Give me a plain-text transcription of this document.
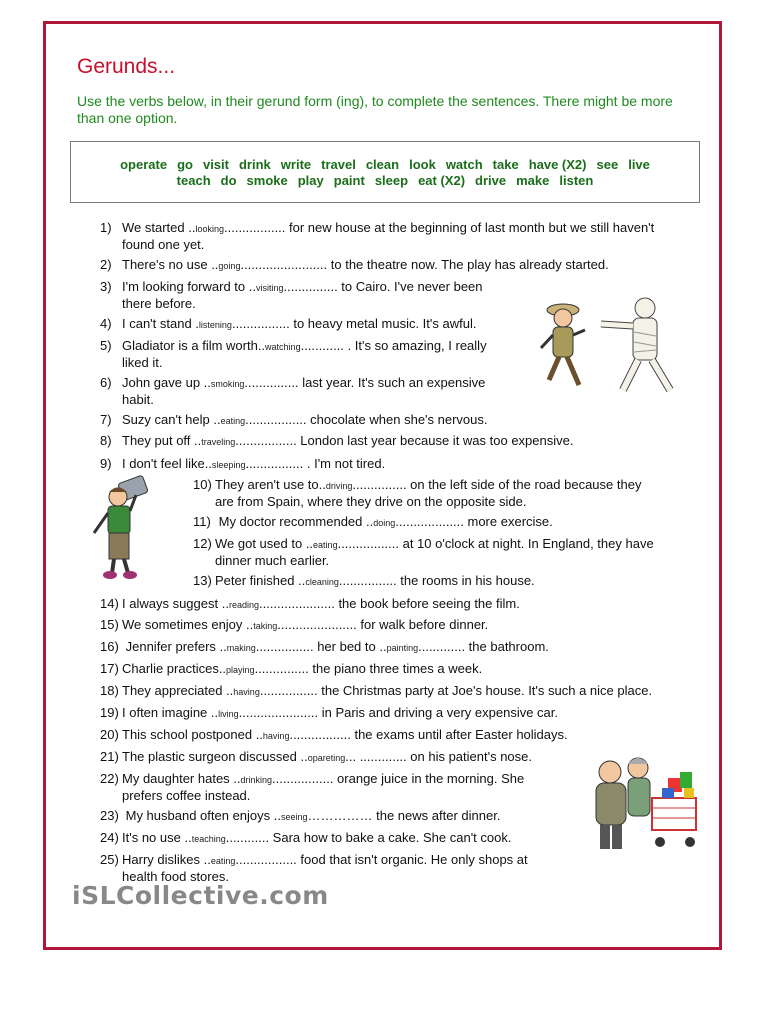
Gerunds...
Use the verbs below, in their gerund form (ing), to complete the sentences. There might be more than one option.
operate go visit drink write travel clean look watch take have (X2) see live
teach do smoke play paint sleep eat (X2) drive make listen
1) We started ..looking................. for new house at the beginning of last month but we still haven't
found one yet.
2) There's no use ..going........................ to the theatre now. The play has already started.
3) I'm looking forward to ..visiting............... to Cairo. I've never been
there before.
4) I can't stand .listening................ to heavy metal music. It's awful.
5) Gladiator is a film worth..watching............ . It's so amazing, I really
liked it.
6) John gave up ..smoking............... last year. It's such an expensive
habit.
7) Suzy can't help ..eating................. chocolate when she's nervous.
8) They put off ..traveling................. London last year because it was too expensive.
9) I don't feel like..sleeping................ . I'm not tired.
10) They aren't use to..driving............... on the left side of the road because they
are from Spain, where they drive on the opposite side.
11) My doctor recommended ..doing................... more exercise.
12) We got used to ..eating................. at 10 o'clock at night. In England, they have
dinner much earlier.
13) Peter finished ..cleaning................ the rooms in his house.
14) I always suggest ..reading..................... the book before seeing the film.
15) We sometimes enjoy ..taking...................... for walk before dinner.
16) Jennifer prefers ..making................ her bed to ..painting............. the bathroom.
17) Charlie practices..playing............... the piano three times a week.
18) They appreciated ..having................ the Christmas party at Joe's house. It's such a nice place.
19) I often imagine ..living...................... in Paris and driving a very expensive car.
20) This school postponed ..having................. the exams until after Easter holidays.
21) The plastic surgeon discussed ..opareting... ............. on his patient's nose.
22) My daughter hates ..drinking................. orange juice in the morning. She
prefers coffee instead.
23) My husband often enjoys ..seeing…………… the news after dinner.
24) It's no use ..teaching............ Sara how to bake a cake. She can't cook.
25) Harry dislikes ..eating................. food that isn't organic. He only shops at
health food stores.
iSLCollective.com
